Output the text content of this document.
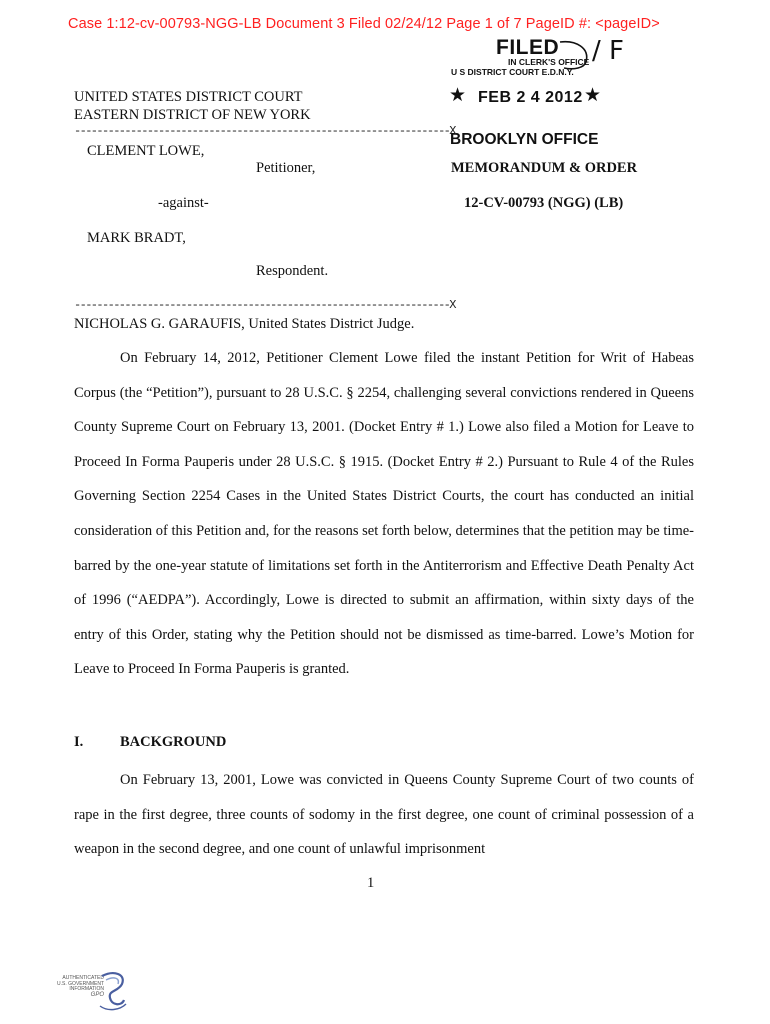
Case 1:12-cv-00793-NGG-LB Document 3 Filed 02/24/12 Page 1 of 7 PageID #: <pageID>
FILED / F
IN CLERK'S OFFICE
U S DISTRICT COURT E.D.N.Y.
★ FEB 2 4 2012 ★
BROOKLYN OFFICE
UNITED STATES DISTRICT COURT
EASTERN DISTRICT OF NEW YORK
-------------------------------------------------------------------X
CLEMENT LOWE,
Petitioner,
-against-
MARK BRADT,
Respondent.
-------------------------------------------------------------------X
MEMORANDUM & ORDER
12-CV-00793 (NGG) (LB)
NICHOLAS G. GARAUFIS, United States District Judge.

On February 14, 2012, Petitioner Clement Lowe filed the instant Petition for Writ of Habeas Corpus (the “Petition”), pursuant to 28 U.S.C. § 2254, challenging several convictions rendered in Queens County Supreme Court on February 13, 2001. (Docket Entry # 1.) Lowe also filed a Motion for Leave to Proceed In Forma Pauperis under 28 U.S.C. § 1915. (Docket Entry # 2.) Pursuant to Rule 4 of the Rules Governing Section 2254 Cases in the United States District Courts, the court has conducted an initial consideration of this Petition and, for the reasons set forth below, determines that the petition may be time-barred by the one-year statute of limitations set forth in the Antiterrorism and Effective Death Penalty Act of 1996 (“AEDPA”). Accordingly, Lowe is directed to submit an affirmation, within sixty days of the entry of this Order, stating why the Petition should not be dismissed as time-barred. Lowe’s Motion for Leave to Proceed In Forma Pauperis is granted.

I.	BACKGROUND

On February 13, 2001, Lowe was convicted in Queens County Supreme Court of two counts of rape in the first degree, three counts of sodomy in the first degree, one count of criminal possession of a weapon in the second degree, and one count of unlawful imprisonment

1
AUTHENTICATED
U.S. GOVERNMENT
INFORMATION
GPO
